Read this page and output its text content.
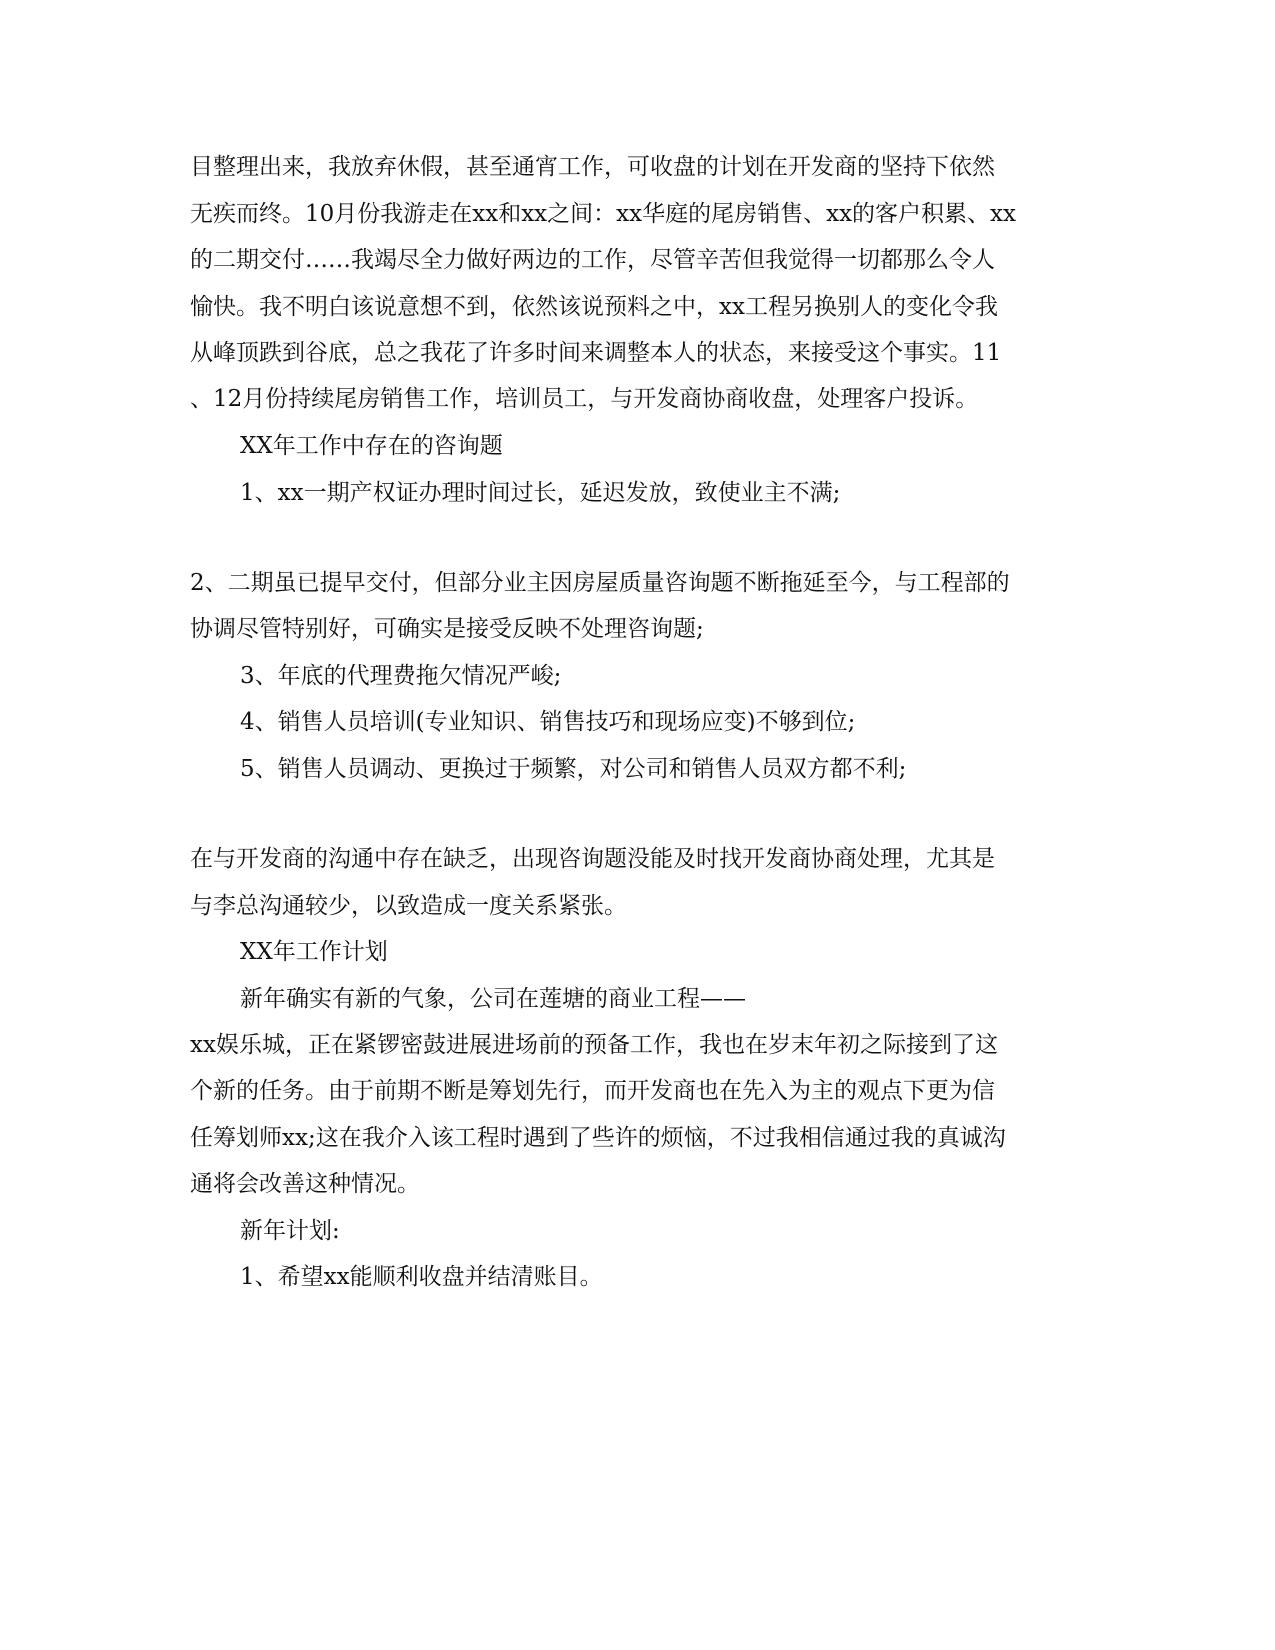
目整理出来，我放弃休假，甚至通宵工作，可收盘的计划在开发商的坚持下依然
无疾而终。10月份我游走在xx和xx之间：xx华庭的尾房销售、xx的客户积累、xx
的二期交付……我竭尽全力做好两边的工作，尽管辛苦但我觉得一切都那么令人
愉快。我不明白该说意想不到，依然该说预料之中，xx工程另换别人的变化令我
从峰顶跌到谷底，总之我花了许多时间来调整本人的状态，来接受这个事实。11
、12月份持续尾房销售工作，培训员工，与开发商协商收盘，处理客户投诉。
XX年工作中存在的咨询题
1、xx一期产权证办理时间过长，延迟发放，致使业主不满;
2、二期虽已提早交付，但部分业主因房屋质量咨询题不断拖延至今，与工程部的
协调尽管特别好，可确实是接受反映不处理咨询题;
3、年底的代理费拖欠情况严峻;
4、销售人员培训(专业知识、销售技巧和现场应变)不够到位;
5、销售人员调动、更换过于频繁，对公司和销售人员双方都不利;
在与开发商的沟通中存在缺乏，出现咨询题没能及时找开发商协商处理，尤其是
与李总沟通较少，以致造成一度关系紧张。
XX年工作计划
新年确实有新的气象，公司在莲塘的商业工程——
xx娱乐城，正在紧锣密鼓进展进场前的预备工作，我也在岁末年初之际接到了这
个新的任务。由于前期不断是筹划先行，而开发商也在先入为主的观点下更为信
任筹划师xx;这在我介入该工程时遇到了些许的烦恼，不过我相信通过我的真诚沟
通将会改善这种情况。
新年计划:
1、希望xx能顺利收盘并结清账目。
